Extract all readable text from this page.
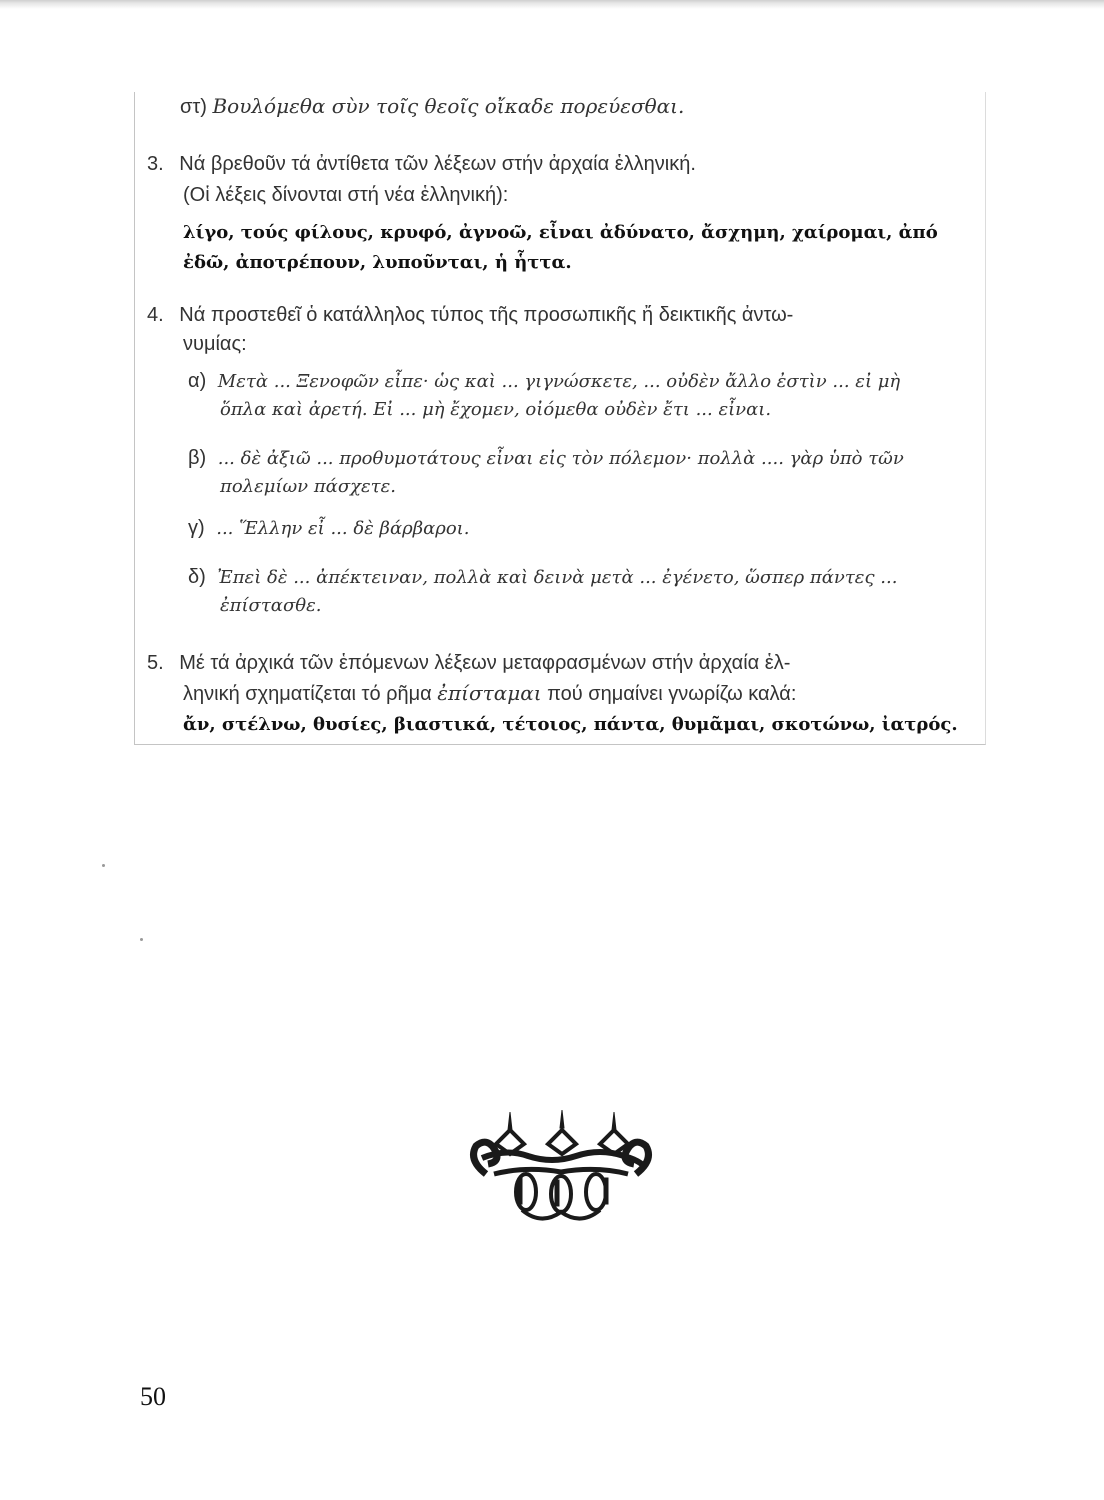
στ) Βουλόμεθα σὺν τοῖς θεοῖς οἴκαδε πορεύεσθαι.
3. Νά βρεθοῦν τά ἀντίθετα τῶν λέξεων στήν ἀρχαία ἑλληνική.
(Οἱ λέξεις δίνονται στή νέα ἑλληνική):
λίγο, τούς φίλους, κρυφό, ἀγνοῶ, εἶναι ἀδύνατο, ἄσχημη, χαίρομαι, ἀπό
ἐδῶ, ἀποτρέπουν, λυποῦνται, ἡ ἧττα.
4. Νά προστεθεῖ ὁ κατάλληλος τύπος τῆς προσωπικῆς ἤ δεικτικῆς ἀντω-
νυμίας:
α) Μετὰ ... Ξενοφῶν εἶπε· ὡς καὶ ... γιγνώσκετε, ... οὐδὲν ἄλλο ἐστὶν ... εἰ μὴ
ὅπλα καὶ ἀρετή. Εἰ ... μὴ ἔχομεν, οἰόμεθα οὐδὲν ἔτι ... εἶναι.
β) ... δὲ ἀξιῶ ... προθυμοτάτους εἶναι εἰς τὸν πόλεμον· πολλὰ .... γὰρ ὑπὸ τῶν
πολεμίων πάσχετε.
γ) ... Ἕλλην εἶ ... δὲ βάρβαροι.
δ) Ἐπεὶ δὲ ... ἀπέκτειναν, πολλὰ καὶ δεινὰ μετὰ ... ἐγένετο, ὥσπερ πάντες ...
ἐπίστασθε.
5. Μέ τά ἀρχικά τῶν ἑπόμενων λέξεων μεταφρασμένων στήν ἀρχαία ἑλ-
ληνική σχηματίζεται τό ρῆμα ἐπίσταμαι πού σημαίνει γνωρίζω καλά:
ἄν, στέλνω, θυσίες, βιαστικά, τέτοιος, πάντα, θυμᾶμαι, σκοτώνω, ἰατρός.
50
